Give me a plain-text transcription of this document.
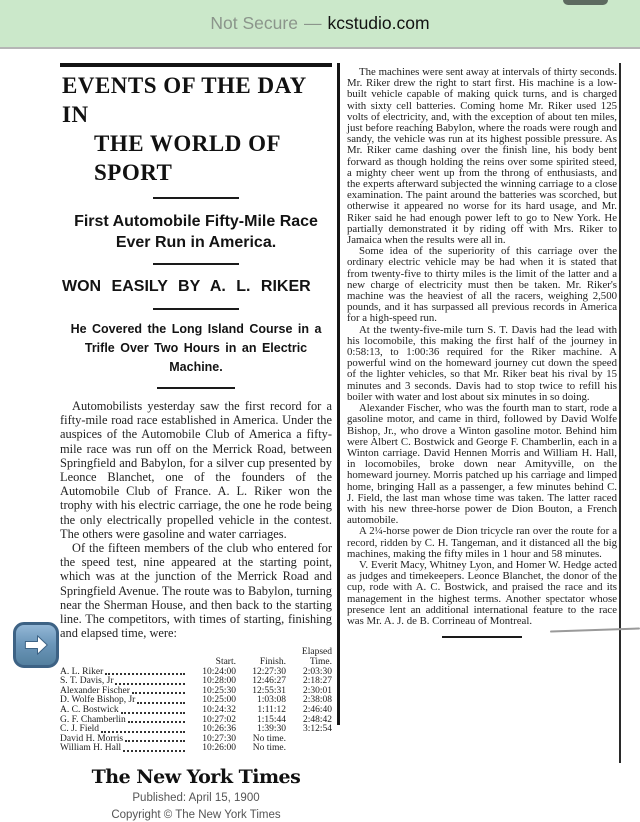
Not Secure — kcstudio.com
EVENTS OF THE DAY IN
THE WORLD OF SPORT
First Automobile Fifty-Mile Race Ever Run in America.
WON EASILY BY A. L. RIKER
He Covered the Long Island Course in a Trifle Over Two Hours in an Electric Machine.

Automobilists yesterday saw the first record for a fifty-mile road race established in America. Under the auspices of the Automobile Club of America a fifty-mile race was run off on the Merrick Road, between Springfield and Babylon, for a silver cup presented by Leonce Blanchet, one of the founders of the Automobile Club of France. A. L. Riker won the trophy with his electric carriage, the one he rode being the only electrically propelled vehicle in the contest. The others were gasoline and water carriages.

Of the fifteen members of the club who entered for the speed test, nine appeared at the starting point, which was at the junction of the Merrick Road and Springfield Avenue. The route was to Babylon, turning near the Sherman House, and then back to the starting line. The competitors, with times of starting, finishing and elapsed time, were:

Elapsed
Start.	Finish.	Time.
A. L. Riker	10:24:00	12:27:30	2:03:30
S. T. Davis, Jr	10:28:00	12:46:27	2:18:27
Alexander Fischer	10:25:30	12:55:31	2:30:01
D. Wolfe Bishop, Jr	10:25:00	1:03:08	2:38:08
A. C. Bostwick	10:24:32	1:11:12	2:46:40
G. F. Chamberlin	10:27:02	1:15:44	2:48:42
C. J. Field	10:26:36	1:39:30	3:12:54
David H. Morris	10:27:30	No time.
William H. Hall	10:26:00	No time.
The New York Times
Published: April 15, 1900
Copyright © The New York Times

The machines were sent away at intervals of thirty seconds. Mr. Riker drew the right to start first. His machine is a low-built vehicle capable of making quick turns, and is charged with sixty cell batteries. Coming home Mr. Riker used 125 volts of electricity, and, with the exception of about ten miles, just before reaching Babylon, where the roads were rough and sandy, the vehicle was run at its highest possible pressure. As Mr. Riker came dashing over the finish line, his body bent forward as though holding the reins over some spirited steed, a mighty cheer went up from the throng of enthusiasts, and the experts afterward subjected the winning carriage to a close examination. The paint around the batteries was scorched, but otherwise it appeared no worse for its hard usage, and Mr. Riker said he had enough power left to go to New York. He partially demonstrated it by riding off with Mrs. Riker to Jamaica when the results were all in.

Some idea of the superiority of this carriage over the ordinary electric vehicle may be had when it is stated that from twenty-five to thirty miles is the limit of the latter and a new charge of electricity must then be taken. Mr. Riker's machine was the heaviest of all the racers, weighing 2,500 pounds, and it has surpassed all previous records in America for a high-speed run.

At the twenty-five-mile turn S. T. Davis had the lead with his locomobile, this making the first half of the journey in 0:58:13, to 1:00:36 required for the Riker machine. A powerful wind on the homeward journey cut down the speed of the lighter vehicles, so that Mr. Riker beat his rival by 15 minutes and 3 seconds. Davis had to stop twice to refill his boiler with water and lost about six minutes in so doing.

Alexander Fischer, who was the fourth man to start, rode a gasoline motor, and came in third, followed by David Wolfe Bishop, Jr., who drove a Winton gasoline motor. Behind him were Albert C. Bostwick and George F. Chamberlin, each in a Winton carriage. David Hennen Morris and William H. Hall, in locomobiles, broke down near Amityville, on the homeward journey. Morris patched up his carriage and limped home, bringing Hall as a passenger, a few minutes behind C. J. Field, the last man whose time was taken. The latter raced with his new three-horse power de Dion Bouton, a French automobile.

A 2¼-horse power de Dion tricycle ran over the route for a record, ridden by C. H. Tangeman, and it distanced all the big machines, making the fifty miles in 1 hour and 58 minutes.

V. Everit Macy, Whitney Lyon, and Homer W. Hedge acted as judges and timekeepers. Leonce Blanchet, the donor of the cup, rode with A. C. Bostwick, and praised the race and its management in the highest terms. Another spectator whose presence lent an additional international feature to the race was Mr. A. J. de B. Corrineau of Montreal.
